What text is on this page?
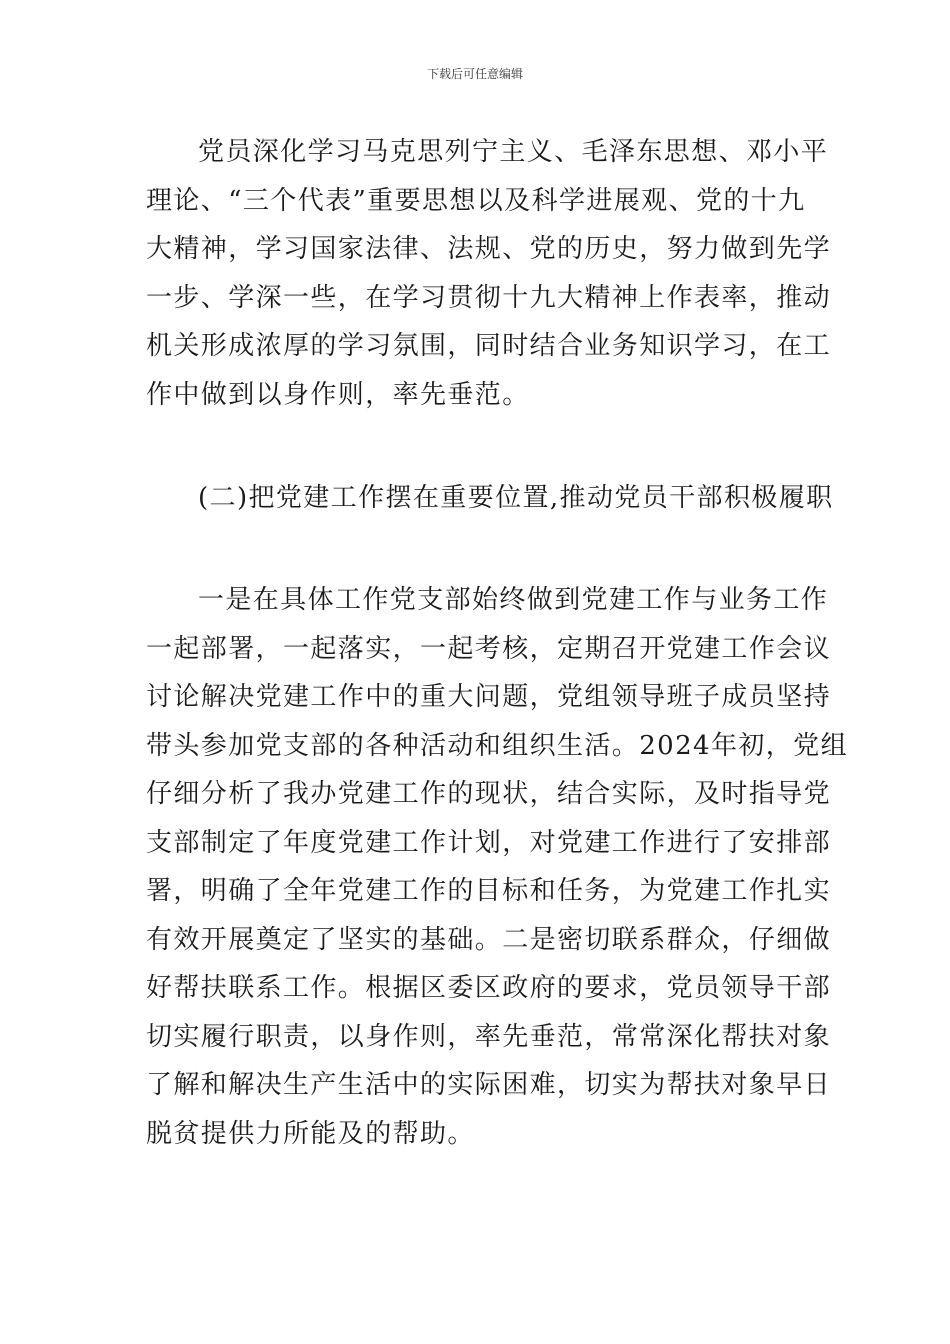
下载后可任意编辑
党员深化学习马克思列宁主义、毛泽东思想、邓小平
理论、“三个代表”重要思想以及科学进展观、党的十九
大精神，学习国家法律、法规、党的历史，努力做到先学
一步、学深一些，在学习贯彻十九大精神上作表率，推动
机关形成浓厚的学习氛围，同时结合业务知识学习，在工
作中做到以身作则，率先垂范。
(二)把党建工作摆在重要位置,推动党员干部积极履职
一是在具体工作党支部始终做到党建工作与业务工作
一起部署，一起落实，一起考核，定期召开党建工作会议
讨论解决党建工作中的重大问题，党组领导班子成员坚持
带头参加党支部的各种活动和组织生活。2024年初，党组
仔细分析了我办党建工作的现状，结合实际，及时指导党
支部制定了年度党建工作计划，对党建工作进行了安排部
署，明确了全年党建工作的目标和任务，为党建工作扎实
有效开展奠定了坚实的基础。二是密切联系群众，仔细做
好帮扶联系工作。根据区委区政府的要求，党员领导干部
切实履行职责，以身作则，率先垂范，常常深化帮扶对象
了解和解决生产生活中的实际困难，切实为帮扶对象早日
脱贫提供力所能及的帮助。
